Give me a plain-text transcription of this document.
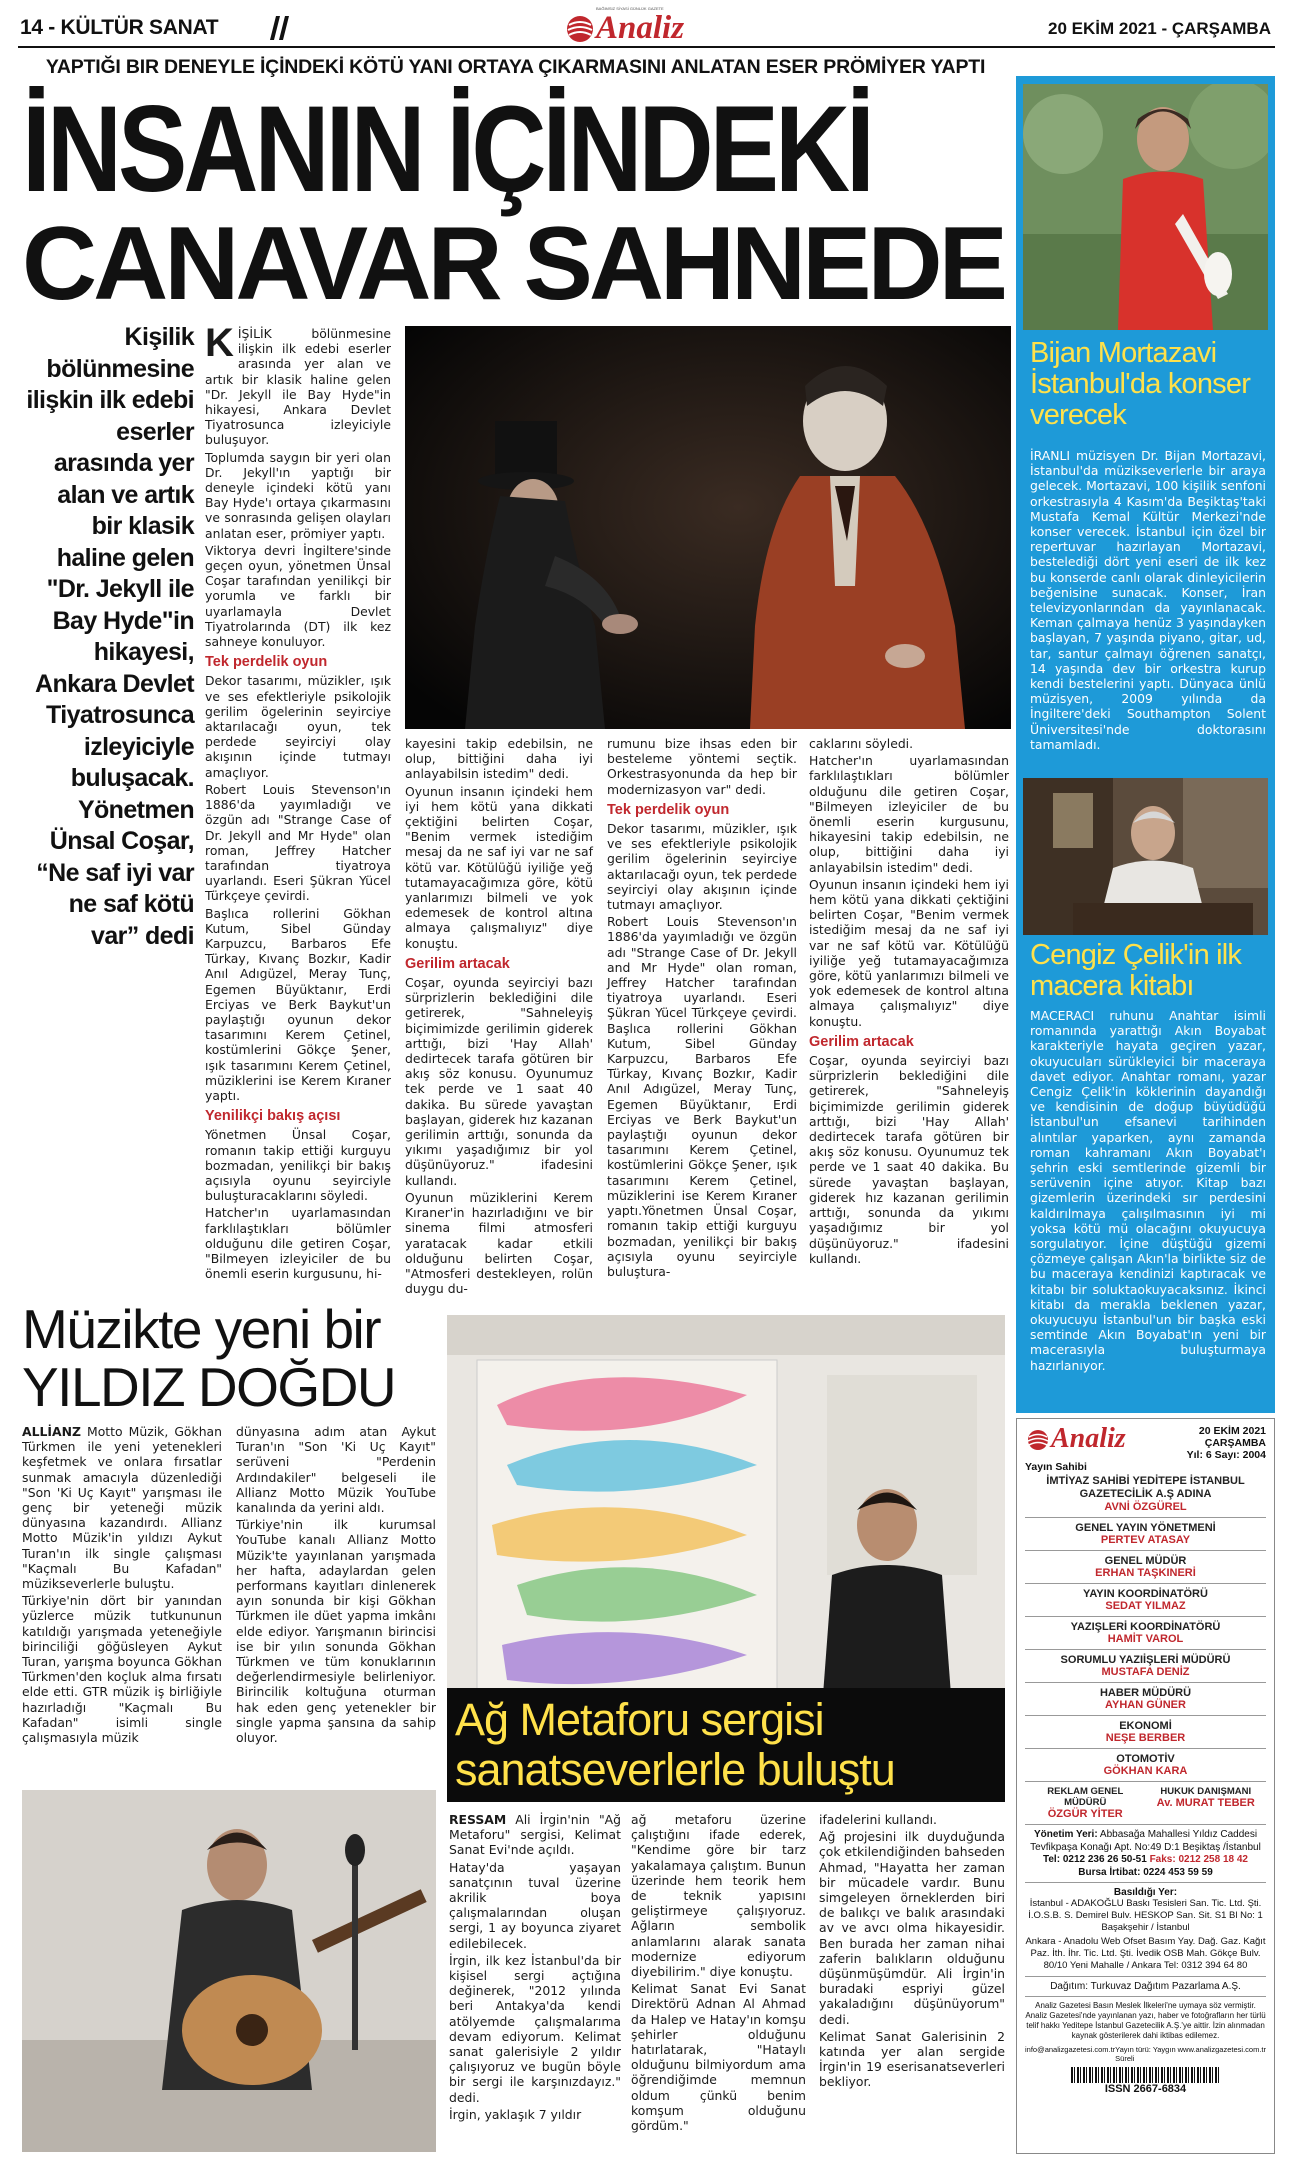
14 - KÜLTÜR SANAT	Analiz
BAĞIMSIZ SİYASİ GÜNLÜK GAZETE
20 EKİM 2021 - ÇARŞAMBA
YAPTIĞI BIR DENEYLE İÇİNDEKİ KÖTÜ YANI ORTAYA ÇIKARMASINI ANLATAN ESER PRÖMİYER YAPTI
İNSANIN İÇİNDEKİ
CANAVAR SAHNEDE
Kişilik bölünmesine ilişkin ilk edebi eserler arasında yer alan ve artık bir klasik haline gelen "Dr. Jekyll ile Bay Hyde"in hikayesi, Ankara Devlet Tiyatrosunca izleyiciyle buluşacak. Yönetmen Ünsal Coşar, “Ne saf iyi var ne saf kötü var” dedi

KİŞİLİK bölünmesine ilişkin ilk edebi eserler arasında yer alan ve artık bir klasik haline gelen "Dr. Jekyll ile Bay Hyde"in hikayesi, Ankara Devlet Tiyatrosunca izleyiciyle buluşuyor.

Toplumda saygın bir yeri olan Dr. Jekyll'ın yaptığı bir deneyle içindeki kötü yanı Bay Hyde'ı ortaya çıkarmasını ve sonrasında gelişen olayları anlatan eser, prömiyer yaptı.

Viktorya devri İngiltere'sinde geçen oyun, yönetmen Ünsal Coşar tarafından yenilikçi bir yorumla ve farklı bir uyarlamayla Devlet Tiyatrolarında (DT) ilk kez sahneye konuluyor.

Tek perdelik oyun

Dekor tasarımı, müzikler, ışık ve ses efektleriyle psikolojik gerilim ögelerinin seyirciye aktarılacağı oyun, tek perdede seyirciyi olay akışının içinde tutmayı amaçlıyor.

Robert Louis Stevenson'ın 1886'da yayımladığı ve özgün adı "Strange Case of Dr. Jekyll and Mr Hyde" olan roman, Jeffrey Hatcher tarafından tiyatroya uyarlandı. Eseri Şükran Yücel Türkçeye çevirdi.

Başlıca rollerini Gökhan Kutum, Sibel Günday Karpuzcu, Barbaros Efe Türkay, Kıvanç Bozkır, Kadir Anıl Adıgüzel, Meray Tunç, Egemen Büyüktanır, Erdi Erciyas ve Berk Baykut'un paylaştığı oyunun dekor tasarımını Kerem Çetinel, kostümlerini Gökçe Şener, ışık tasarımını Kerem Çetinel, müziklerini ise Kerem Kıraner yaptı.

Yenilikçi bakış açısı

Yönetmen Ünsal Coşar, romanın takip ettiği kurguyu bozmadan, yenilikçi bir bakış açısıyla oyunu seyirciyle buluşturacaklarını söyledi.

Hatcher'ın uyarlamasından farklılaştıkları bölümler olduğunu dile getiren Coşar, "Bilmeyen izleyiciler de bu önemli eserin kurgusunu, hi-

kayesini takip edebilsin, ne olup, bittiğini daha iyi anlayabilsin istedim" dedi.

Oyunun insanın içindeki hem iyi hem kötü yana dikkati çektiğini belirten Coşar, "Benim vermek istediğim mesaj da ne saf iyi var ne saf kötü var. Kötülüğü iyiliğe yeğ tutamayacağımıza göre, kötü yanlarımızı bilmeli ve yok edemesek de kontrol altına almaya çalışmalıyız" diye konuştu.

Gerilim artacak

Coşar, oyunda seyirciyi bazı sürprizlerin beklediğini dile getirerek, "Sahneleyiş biçimimizde gerilimin giderek arttığı, bizi 'Hay Allah' dedirtecek tarafa götüren bir akış söz konusu. Oyunumuz tek perde ve 1 saat 40 dakika. Bu sürede yavaştan başlayan, giderek hız kazanan gerilimin arttığı, sonunda da yıkımı yaşadığımız bir yol düşünüyoruz." ifadesini kullandı.

Oyunun müziklerini Kerem Kıraner'in hazırladığını ve bir sinema filmi atmosferi yaratacak kadar etkili olduğunu belirten Coşar, "Atmosferi destekleyen, rolün duygu du-

rumunu bize ihsas eden bir besteleme yöntemi seçtik. Orkestrasyonunda da hep bir modernizasyon var" dedi.

Tek perdelik oyun

Dekor tasarımı, müzikler, ışık ve ses efektleriyle psikolojik gerilim ögelerinin seyirciye aktarılacağı oyun, tek perdede seyirciyi olay akışının içinde tutmayı amaçlıyor.

Robert Louis Stevenson'ın 1886'da yayımladığı ve özgün adı "Strange Case of Dr. Jekyll and Mr Hyde" olan roman, Jeffrey Hatcher tarafından tiyatroya uyarlandı. Eseri Şükran Yücel Türkçeye çevirdi. Başlıca rollerini Gökhan Kutum, Sibel Günday Karpuzcu, Barbaros Efe Türkay, Kıvanç Bozkır, Kadir Anıl Adıgüzel, Meray Tunç, Egemen Büyüktanır, Erdi Erciyas ve Berk Baykut'un paylaştığı oyunun dekor tasarımını Kerem Çetinel, kostümlerini Gökçe Şener, ışık tasarımını Kerem Çetinel, müziklerini ise Kerem Kıraner yaptı.Yönetmen Ünsal Coşar, romanın takip ettiği kurguyu bozmadan, yenilikçi bir bakış açısıyla oyunu seyirciyle buluştura-

caklarını söyledi.

Hatcher'ın uyarlamasından farklılaştıkları bölümler olduğunu dile getiren Coşar, "Bilmeyen izleyiciler de bu önemli eserin kurgusunu, hikayesini takip edebilsin, ne olup, bittiğini daha iyi anlayabilsin istedim" dedi.

Oyunun insanın içindeki hem iyi hem kötü yana dikkati çektiğini belirten Coşar, "Benim vermek istediğim mesaj da ne saf iyi var ne saf kötü var. Kötülüğü iyiliğe yeğ tutamayacağımıza göre, kötü yanlarımızı bilmeli ve yok edemesek de kontrol altına almaya çalışmalıyız" diye konuştu.

Gerilim artacak

Coşar, oyunda seyirciyi bazı sürprizlerin beklediğini dile getirerek, "Sahneleyiş biçimimizde gerilimin giderek arttığı, bizi 'Hay Allah' dedirtecek tarafa götüren bir akış söz konusu. Oyunumuz tek perde ve 1 saat 40 dakika. Bu sürede yavaştan başlayan, giderek hız kazanan gerilimin arttığı, sonunda da yıkımı yaşadığımız bir yol düşünüyoruz." ifadesini kullandı.

Bijan Mortazavi İstanbul'da konser verecek
İRANLI müzisyen Dr. Bijan Mortazavi, İstanbul'da müzikseverlerle bir araya gelecek. Mortazavi, 100 kişilik senfoni orkestrasıyla 4 Kasım'da Beşiktaş'taki Mustafa Kemal Kültür Merkezi'nde konser verecek. İstanbul için özel bir repertuvar hazırlayan Mortazavi, bestelediği dört yeni eseri de ilk kez bu konserde canlı olarak dinleyicilerin beğenisine sunacak. Konser, İran televizyonlarından da yayınlanacak. Keman çalmaya henüz 3 yaşındayken başlayan, 7 yaşında piyano, gitar, ud, tar, santur çalmayı öğrenen sanatçı, 14 yaşında dev bir orkestra kurup kendi bestelerini yaptı. Dünyaca ünlü müzisyen, 2009 yılında da İngiltere'deki Southampton Solent Üniversitesi'nde doktorasını tamamladı.
Cengiz Çelik'in ilk macera kitabı
MACERACI ruhunu Anahtar isimli romanında yarattığı Akın Boyabat karakteriyle hayata geçiren yazar, okuyucuları sürükleyici bir maceraya davet ediyor. Anahtar romanı, yazar Cengiz Çelik'in köklerinin dayandığı ve kendisinin de doğup büyüdüğü İstanbul'un efsanevi tarihinden alıntılar yaparken, aynı zamanda roman kahramanı Akın Boyabat'ı şehrin eski semtlerinde gizemli bir serüvenin içine atıyor. Kitap bazı gizemlerin üzerindeki sır perdesini kaldırılmaya çalışılmasının iyi mi yoksa kötü mü olacağını okuyucuya sorgulatıyor. İçine düştüğü gizemi çözmeye çalışan Akın'la birlikte siz de bu maceraya kendinizi kaptıracak ve kitabı bir soluktaokuyacaksınız. İkinci kitabı da merakla beklenen yazar, okuyucuyu İstanbul'un bir başka eski semtinde Akın Boyabat'ın yeni bir macerasıyla buluşturmaya hazırlanıyor.
Müzikte yeni bir
YILDIZ DOĞDU

ALLİANZ Motto Müzik, Gökhan Türkmen ile yeni yetenekleri keşfetmek ve onlara fırsatlar sunmak amacıyla düzenlediği "Son 'Ki Uç Kayıt" yarışması ile genç bir yeteneği müzik dünyasına kazandırdı. Allianz Motto Müzik'in yıldızı Aykut Turan'ın ilk single çalışması "Kaçmalı Bu Kafadan" müzikseverlerle buluştu.

Türkiye'nin dört bir yanından yüzlerce müzik tutkununun katıldığı yarışmada yeteneğiyle birinciliği göğüsleyen Aykut Turan, yarışma boyunca Gökhan Türkmen'den koçluk alma fırsatı elde etti. GTR müzik iş birliğiyle hazırladığı "Kaçmalı Bu Kafadan" isimli single çalışmasıyla müzik

dünyasına adım atan Aykut Turan'ın "Son 'Ki Uç Kayıt" serüveni "Perdenin Ardındakiler" belgeseli ile Allianz Motto Müzik YouTube kanalında da yerini aldı.

Türkiye'nin ilk kurumsal YouTube kanalı Allianz Motto Müzik'te yayınlanan yarışmada her hafta, adaylardan gelen performans kayıtları dinlenerek ayın sonunda bir kişi Gökhan Türkmen ile düet yapma imkânı elde ediyor. Yarışmanın birincisi ise bir yılın sonunda Gökhan Türkmen ve tüm konuklarının değerlendirmesiyle belirleniyor. Birincilik koltuğuna oturman hak eden genç yetenekler bir single yapma şansına da sahip oluyor.	Ağ Metaforu sergisi
sanatseverlerle buluştu

RESSAM Ali İrgin'nin "Ağ Metaforu" sergisi, Kelimat Sanat Evi'nde açıldı.

Hatay'da yaşayan sanatçının tuval üzerine akrilik boya çalışmalarından oluşan sergi, 1 ay boyunca ziyaret edilebilecek.

İrgin, ilk kez İstanbul'da bir kişisel sergi açtığına değinerek, "2012 yılında beri Antakya'da kendi atölyemde çalışmalarıma devam ediyorum. Kelimat sanat galerisiyle 2 yıldır çalışıyoruz ve bugün böyle bir sergi ile karşınızdayız." dedi.

İrgin, yaklaşık 7 yıldır

ağ metaforu üzerine çalıştığını ifade ederek, "Kendime göre bir tarz yakalamaya çalıştım. Bunun üzerinde hem teorik hem de teknik yapısını geliştirmeye çalışıyoruz. Ağların sembolik anlamlarını alarak sanata modernize ediyorum diyebilirim." diye konuştu.

Kelimat Sanat Evi Sanat Direktörü Adnan Al Ahmad da Halep ve Hatay'ın komşu şehirler olduğunu hatırlatarak, "Hataylı olduğunu bilmiyordum ama öğrendiğimde memnun oldum çünkü benim komşum olduğunu gördüm."

ifadelerini kullandı.

Ağ projesini ilk duyduğunda çok etkilendiğinden bahseden Ahmad, "Hayatta her zaman bir mücadele vardır. Bunu simgeleyen örneklerden biri de balıkçı ve balık arasındaki av ve avcı olma hikayesidir. Ben burada her zaman nihai zaferin balıkların olduğunu düşünmüşümdür. Ali İrgin'in buradaki espriyi güzel yakaladığını düşünüyorum" dedi.

Kelimat Sanat Galerisinin 2 katında yer alan sergide İrgin'in 19 eserisanatseverleri bekliyor.

Analiz	20 EKİM 2021
ÇARŞAMBA
Yıl: 6 Sayı: 2004
Yayın Sahibi
İMTİYAZ SAHİBİ YEDİTEPE İSTANBUL GAZETECİLİK A.Ş ADINA
AVNİ ÖZGÜREL
GENEL YAYIN YÖNETMENİ
PERTEV ATASAY
GENEL MÜDÜR
ERHAN TAŞKINERİ
YAYIN KOORDİNATÖRÜ
SEDAT YILMAZ
YAZIŞLERİ KOORDİNATÖRÜ
HAMİT VAROL
SORUMLU YAZIİŞLERİ MÜDÜRÜ
MUSTAFA DENİZ
HABER MÜDÜRÜ
AYHAN GÜNER
EKONOMİ
NEŞE BERBER
OTOMOTİV
GÖKHAN KARA
REKLAM GENEL MÜDÜRÜ
ÖZGÜR YİTER
HUKUK DANIŞMANI
Av. MURAT TEBER
Yönetim Yeri: Abbasağa Mahallesi Yıldız Caddesi Tevfikpaşa Konağı Apt. No:49 D:1 Beşiktaş /İstanbul
Tel: 0212 236 26 50-51 Faks: 0212 258 18 42
Bursa İrtibat: 0224 453 59 59
Basıldığı Yer:
İstanbul - ADAKOĞLU Baskı Tesisleri San. Tic. Ltd. Şti. İ.O.S.B. S. Demirel Bulv. HESKOP San. Sit. S1 Bl No: 1 Başakşehir / İstanbul
Ankara - Anadolu Web Ofset Basım Yay. Dağ. Gaz. Kağıt Paz. İth. İhr. Tic. Ltd. Şti. İvedik OSB Mah. Gökçe Bulv. 80/10 Yeni Mahalle / Ankara Tel: 0312 394 64 80
Dağıtım: Turkuvaz Dağıtım Pazarlama A.Ş.
Analiz Gazetesi Basın Meslek İlkeleri'ne uymaya söz vermiştir. Analiz Gazetesi'nde yayınlanan yazı, haber ve fotoğrafların her türlü telif hakkı Yeditepe İstanbul Gazetecilik A.Ş.'ye aittir. İzin alınmadan kaynak gösterilerek dahi iktibas edilemez.
info@analizgazetesi.com.tr Yayın türü: Yaygın Süreli
www.analizgazetesi.com.tr
ISSN 2667-6834
